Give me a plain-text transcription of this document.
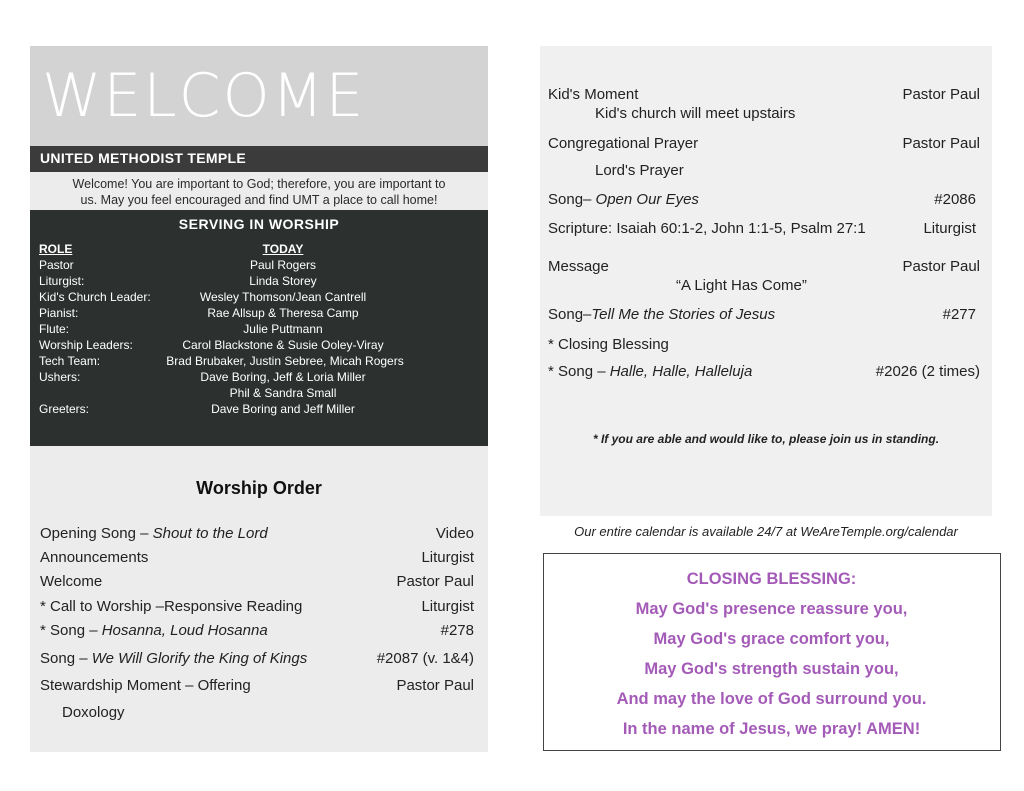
WELCOME
UNITED METHODIST TEMPLE
Welcome! You are important to God; therefore, you are important to
us. May you feel encouraged and find UMT a place to call home!
SERVING IN WORSHIP
ROLE	TODAY
Pastor	Paul Rogers
Liturgist:	Linda Storey
Kid's Church Leader:	Wesley Thomson/Jean Cantrell
Pianist:	Rae Allsup & Theresa Camp
Flute:	Julie Puttmann
Worship Leaders:	Carol Blackstone & Susie Ooley-Viray
Tech Team:	Brad Brubaker, Justin Sebree, Micah Rogers
Ushers:	Dave Boring, Jeff & Loria Miller
Phil & Sandra Small
Greeters:	Dave Boring and Jeff Miller
Worship Order
Opening Song – Shout to the Lord	Video
Announcements	Liturgist
Welcome	Pastor Paul
* Call to Worship –Responsive Reading	Liturgist
* Song – Hosanna, Loud Hosanna	#278
Song – We Will Glorify the King of Kings	#2087 (v. 1&4)
Stewardship Moment – Offering	Pastor Paul
Doxology
Kid's Moment	Pastor Paul
Kid's church will meet upstairs
Congregational Prayer	Pastor Paul
Lord's Prayer
Song– Open Our Eyes	#2086
Scripture: Isaiah 60:1-2, John 1:1-5, Psalm 27:1	Liturgist
Message	Pastor Paul
“A Light Has Come”
Song–Tell Me the Stories of Jesus	#277
* Closing Blessing
* Song – Halle, Halle, Halleluja	#2026 (2 times)
* If you are able and would like to, please join us in standing.
Our entire calendar is available 24/7 at WeAreTemple.org/calendar
CLOSING BLESSING:
May God's presence reassure you,
May God's grace comfort you,
May God's strength sustain you,
And may the love of God surround you.
In the name of Jesus, we pray! AMEN!
